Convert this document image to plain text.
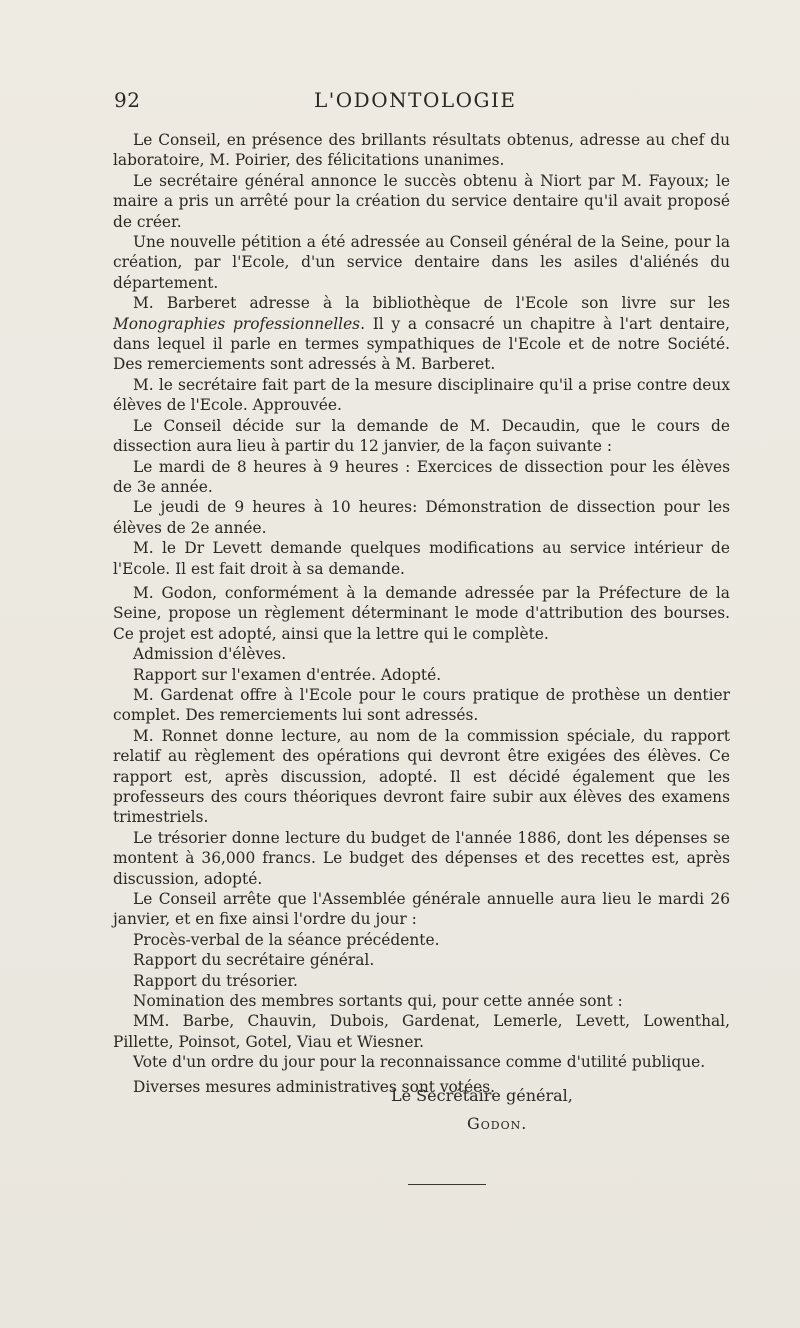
92	L'ODONTOLOGIE

Le Conseil, en présence des brillants résultats obtenus, adresse au chef du laboratoire, M. Poirier, des félicitations unanimes.

Le secrétaire général annonce le succès obtenu à Niort par M. Fayoux; le maire a pris un arrêté pour la création du service dentaire qu'il avait proposé de créer.

Une nouvelle pétition a été adressée au Conseil général de la Seine, pour la création, par l'Ecole, d'un service dentaire dans les asiles d'aliénés du département.

M. Barberet adresse à la bibliothèque de l'Ecole son livre sur les Monographies professionnelles. Il y a consacré un chapitre à l'art dentaire, dans lequel il parle en termes sympathiques de l'Ecole et de notre Société. Des remerciements sont adressés à M. Barberet.

M. le secrétaire fait part de la mesure disciplinaire qu'il a prise contre deux élèves de l'Ecole. Approuvée.

Le Conseil décide sur la demande de M. Decaudin, que le cours de dissection aura lieu à partir du 12 janvier, de la façon suivante :

Le mardi de 8 heures à 9 heures : Exercices de dissection pour les élèves de 3e année.

Le jeudi de 9 heures à 10 heures: Démonstration de dissection pour les élèves de 2e année.

M. le Dr Levett demande quelques modifications au service intérieur de l'Ecole. Il est fait droit à sa demande.

M. Godon, conformément à la demande adressée par la Préfecture de la Seine, propose un règlement déterminant le mode d'attribution des bourses. Ce projet est adopté, ainsi que la lettre qui le complète.

Admission d'élèves.

Rapport sur l'examen d'entrée. Adopté.

M. Gardenat offre à l'Ecole pour le cours pratique de prothèse un dentier complet. Des remerciements lui sont adressés.

M. Ronnet donne lecture, au nom de la commission spéciale, du rapport relatif au règlement des opérations qui devront être exigées des élèves. Ce rapport est, après discussion, adopté. Il est décidé également que les professeurs des cours théoriques devront faire subir aux élèves des examens trimestriels.

Le trésorier donne lecture du budget de l'année 1886, dont les dépenses se montent à 36,000 francs. Le budget des dépenses et des recettes est, après discussion, adopté.

Le Conseil arrête que l'Assemblée générale annuelle aura lieu le mardi 26 janvier, et en fixe ainsi l'ordre du jour :

Procès-verbal de la séance précédente.

Rapport du secrétaire général.

Rapport du trésorier.

Nomination des membres sortants qui, pour cette année sont :

MM. Barbe, Chauvin, Dubois, Gardenat, Lemerle, Levett, Lowenthal, Pillette, Poinsot, Gotel, Viau et Wiesner.

Vote d'un ordre du jour pour la reconnaissance comme d'utilité publique.

Diverses mesures administratives sont votées.

Le Secrétaire général,

Godon.
